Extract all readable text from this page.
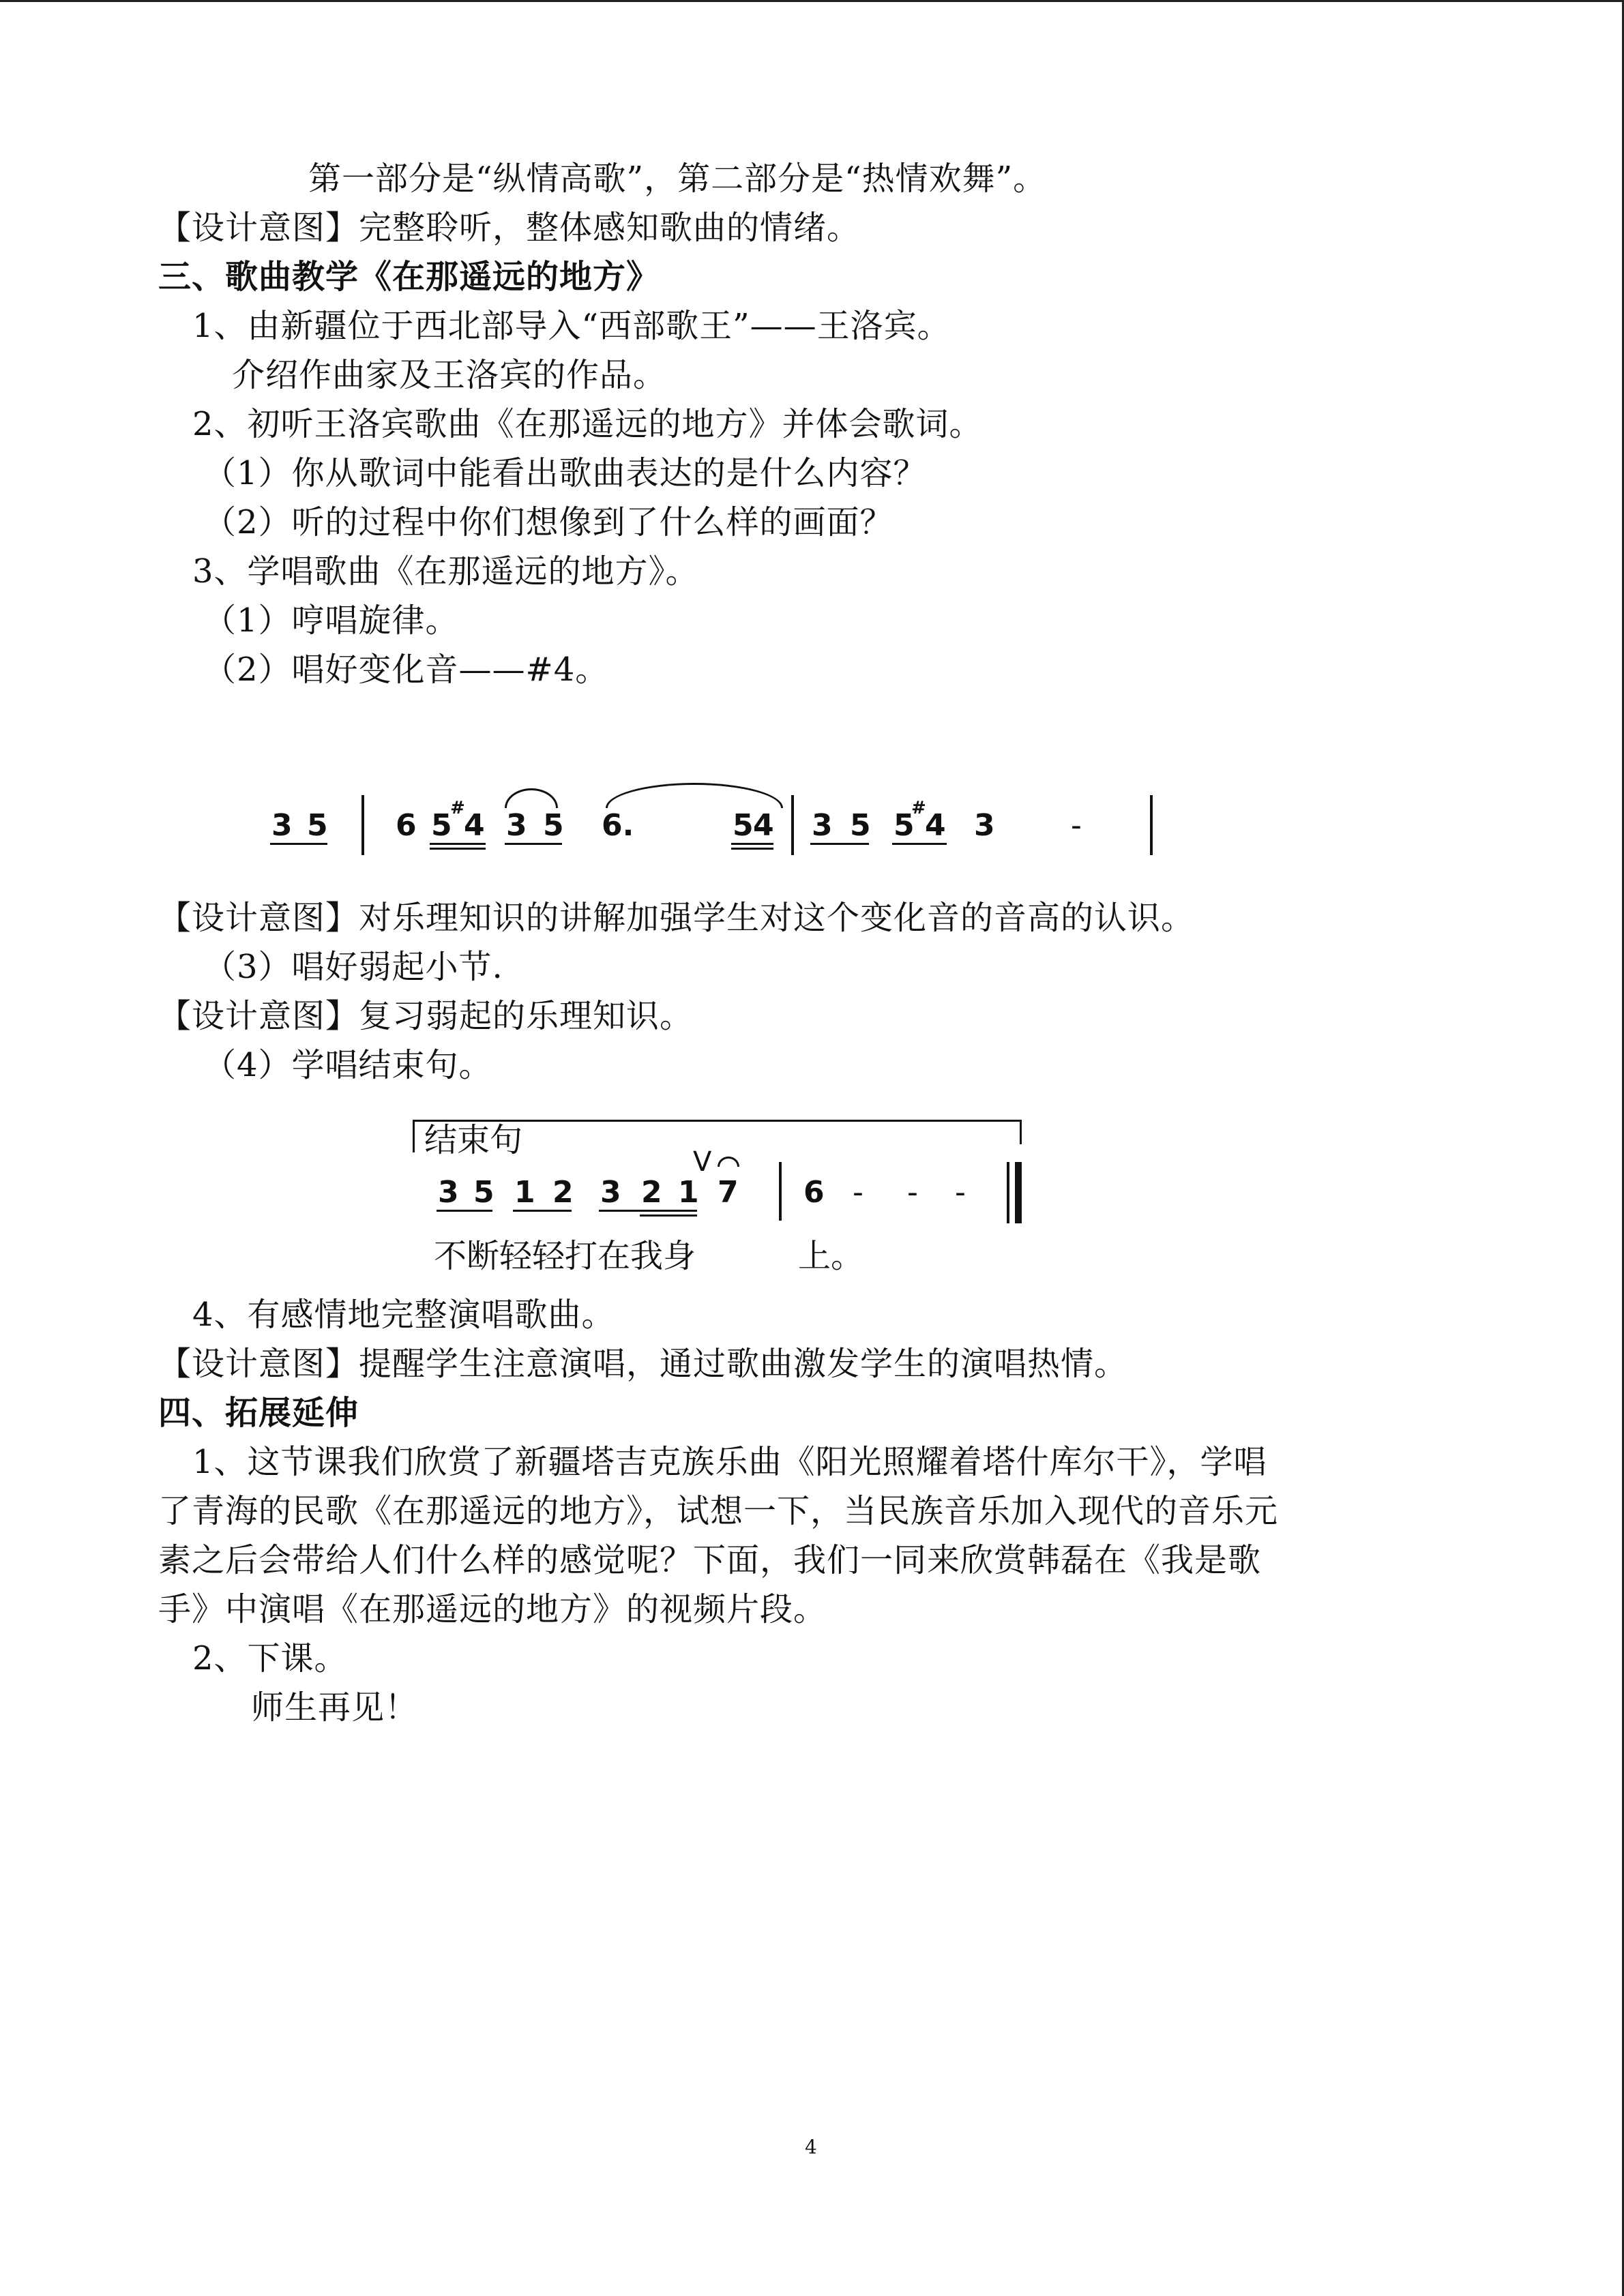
第一部分是“纵情高歌”，第二部分是“热情欢舞”。
【设计意图】完整聆听，整体感知歌曲的情绪。
三、歌曲教学《在那遥远的地方》
1、由新疆位于西北部导入“西部歌王”——王洛宾。
介绍作曲家及王洛宾的作品。
2、初听王洛宾歌曲《在那遥远的地方》并体会歌词。
（1）你从歌词中能看出歌曲表达的是什么内容？
（2）听的过程中你们想像到了什么样的画面？
3、学唱歌曲《在那遥远的地方》。
（1）哼唱旋律。
（2）唱好变化音——#4。
3 5 6 5
#
4 3 5 6.	5 4 3 5 5
#
4 3	-
【设计意图】对乐理知识的讲解加强学生对这个变化音的音高的认识。
（3）唱好弱起小节.
【设计意图】复习弱起的乐理知识。
（4）学唱结束句。
结束句
V
3 5 1 2 3 2 1 7 6 - - -
不断轻轻打在我身	上。
4、有感情地完整演唱歌曲。
【设计意图】提醒学生注意演唱，通过歌曲激发学生的演唱热情。
四、拓展延伸
1、这节课我们欣赏了新疆塔吉克族乐曲《阳光照耀着塔什库尔干》，学唱
了青海的民歌《在那遥远的地方》，试想一下，当民族音乐加入现代的音乐元
素之后会带给人们什么样的感觉呢？下面，我们一同来欣赏韩磊在《我是歌
手》中演唱《在那遥远的地方》的视频片段。
2、下课。
师生再见！
4
